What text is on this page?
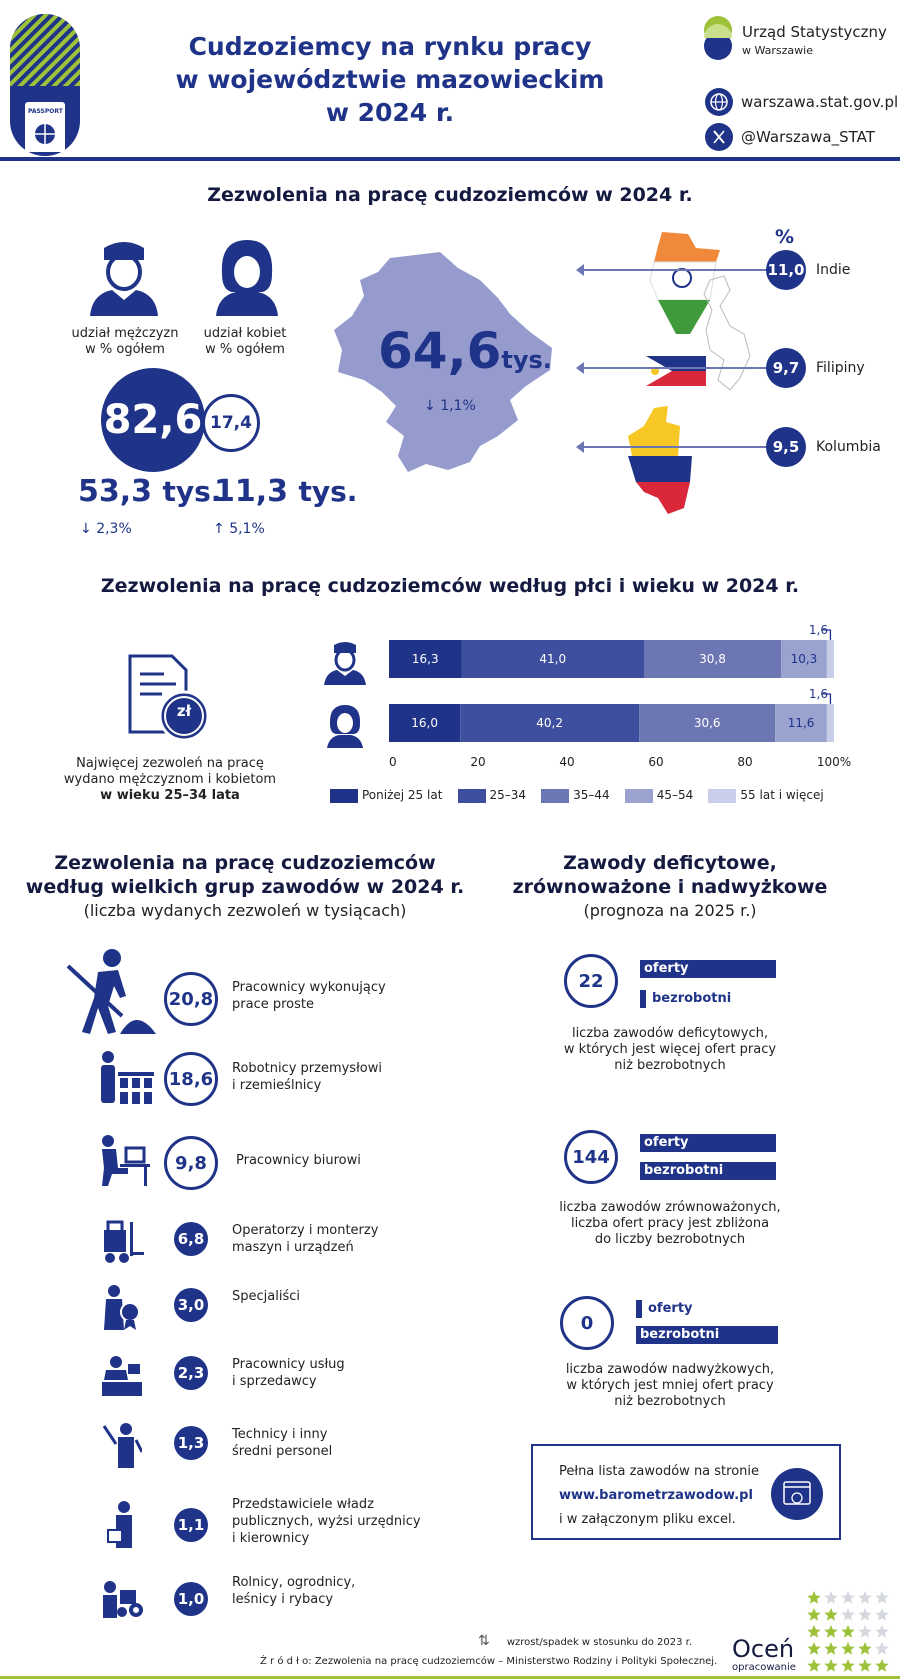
PASSPORT
Cudzoziemcy na rynku pracy
w województwie mazowieckim
w 2024 r.
Urząd Statystyczny
w Warszawie
warszawa.stat.gov.pl
@Warszawa_STAT
Zezwolenia na pracę cudzoziemców w 2024 r.
udział mężczyzn
w % ogółem
udział kobiet
w % ogółem
82,6 17,4
53,3 tys.
11,3 tys.
↓ 2,3%	↑ 5,1%
64,6tys.
↓ 1,1%
%
11,0 Indie
9,7 Filipiny
9,5 Kolumbia
Zezwolenia na pracę cudzoziemców według płci i wieku w 2024 r.
zł
Najwięcej zezwoleń na pracę
wydano mężczyznom i kobietom
w wieku 25–34 lata
16,3	41,0	30,8	10,3
1,6
16,0	40,2	30,6	11,6
1,6
0	20	40	60	80	100%
Poniżej 25 lat	25–34	35–44	45–54	55 lat i więcej
Zezwolenia na pracę cudzoziemców
według wielkich grup zawodów w 2024 r.
(liczba wydanych zezwoleń w tysiącach)
20,8
Pracownicy wykonujący
prace proste
18,6 Robotnicy przemysłowi
i rzemieślnicy
9,8 Pracownicy biurowi
6,8 Operatorzy i monterzy
maszyn i urządzeń
3,0 Specjaliści
2,3 Pracownicy usług
i sprzedawcy
1,3 Technicy i inny
średni personel
1,1
Przedstawiciele władz
publicznych, wyżsi urzędnicy
i kierownicy
1,0
Rolnicy, ogrodnicy,
leśnicy i rybacy
Zawody deficytowe,
zrównoważone i nadwyżkowe
(prognoza na 2025 r.)
22
oferty
bezrobotni
liczba zawodów deficytowych,
w których jest więcej ofert pracy
niż bezrobotnych
144
oferty
bezrobotni
liczba zawodów zrównoważonych,
liczba ofert pracy jest zbliżona
do liczby bezrobotnych
0
oferty
bezrobotni
liczba zawodów nadwyżkowych,
w których jest mniej ofert pracy
niż bezrobotnych
Pełna lista zawodów na stronie
www.barometrzawodow.pl
i w załączonym pliku excel.
⇅ wzrost/spadek w stosunku do 2023 r.
Ź r ó d ł o: Zezwolenia na pracę cudzoziemców – Ministerstwo Rodziny i Polityki Społecznej. Oceń
opracowanie
